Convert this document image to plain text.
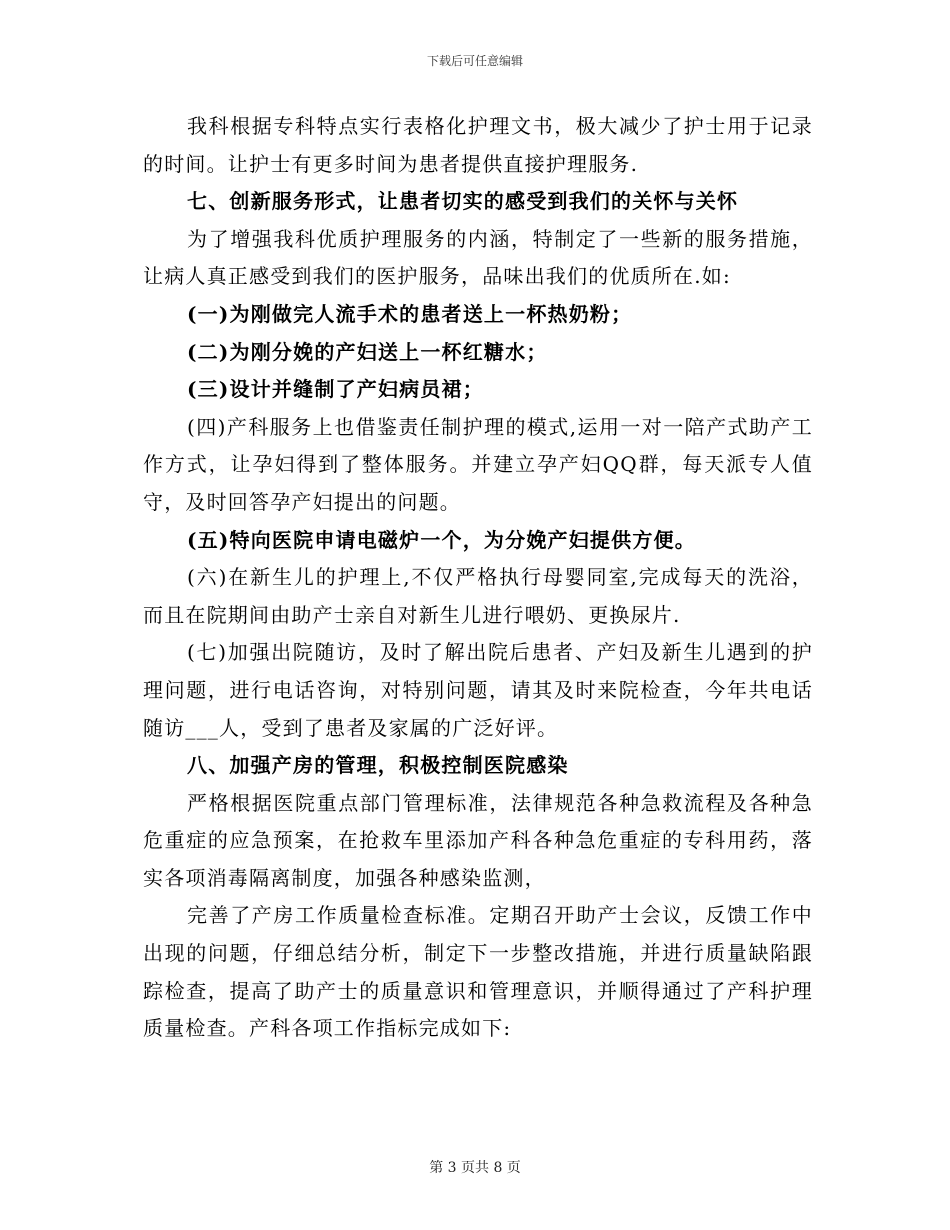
下载后可任意编辑

我科根据专科特点实行表格化护理文书，极大减少了护士用于记录的时间。让护士有更多时间为患者提供直接护理服务.

七、创新服务形式，让患者切实的感受到我们的关怀与关怀

为了增强我科优质护理服务的内涵，特制定了一些新的服务措施，让病人真正感受到我们的医护服务，品味出我们的优质所在.如:

(一)为刚做完人流手术的患者送上一杯热奶粉；

(二)为刚分娩的产妇送上一杯红糖水；

(三)设计并缝制了产妇病员裙；

(四)产科服务上也借鉴责任制护理的模式,运用一对一陪产式助产工作方式，让孕妇得到了整体服务。并建立孕产妇QQ群，每天派专人值守，及时回答孕产妇提出的问题。

(五)特向医院申请电磁炉一个，为分娩产妇提供方便。

(六)在新生儿的护理上,不仅严格执行母婴同室,完成每天的洗浴，而且在院期间由助产士亲自对新生儿进行喂奶、更换尿片.

(七)加强出院随访，及时了解出院后患者、产妇及新生儿遇到的护理问题，进行电话咨询，对特别问题，请其及时来院检查，今年共电话随访___人，受到了患者及家属的广泛好评。

八、加强产房的管理，积极控制医院感染

严格根据医院重点部门管理标准，法律规范各种急救流程及各种急危重症的应急预案，在抢救车里添加产科各种急危重症的专科用药，落实各项消毒隔离制度，加强各种感染监测，

完善了产房工作质量检查标准。定期召开助产士会议，反馈工作中出现的问题，仔细总结分析，制定下一步整改措施，并进行质量缺陷跟踪检查，提高了助产士的质量意识和管理意识，并顺得通过了产科护理质量检查。产科各项工作指标完成如下:

第 3 页共 8 页
